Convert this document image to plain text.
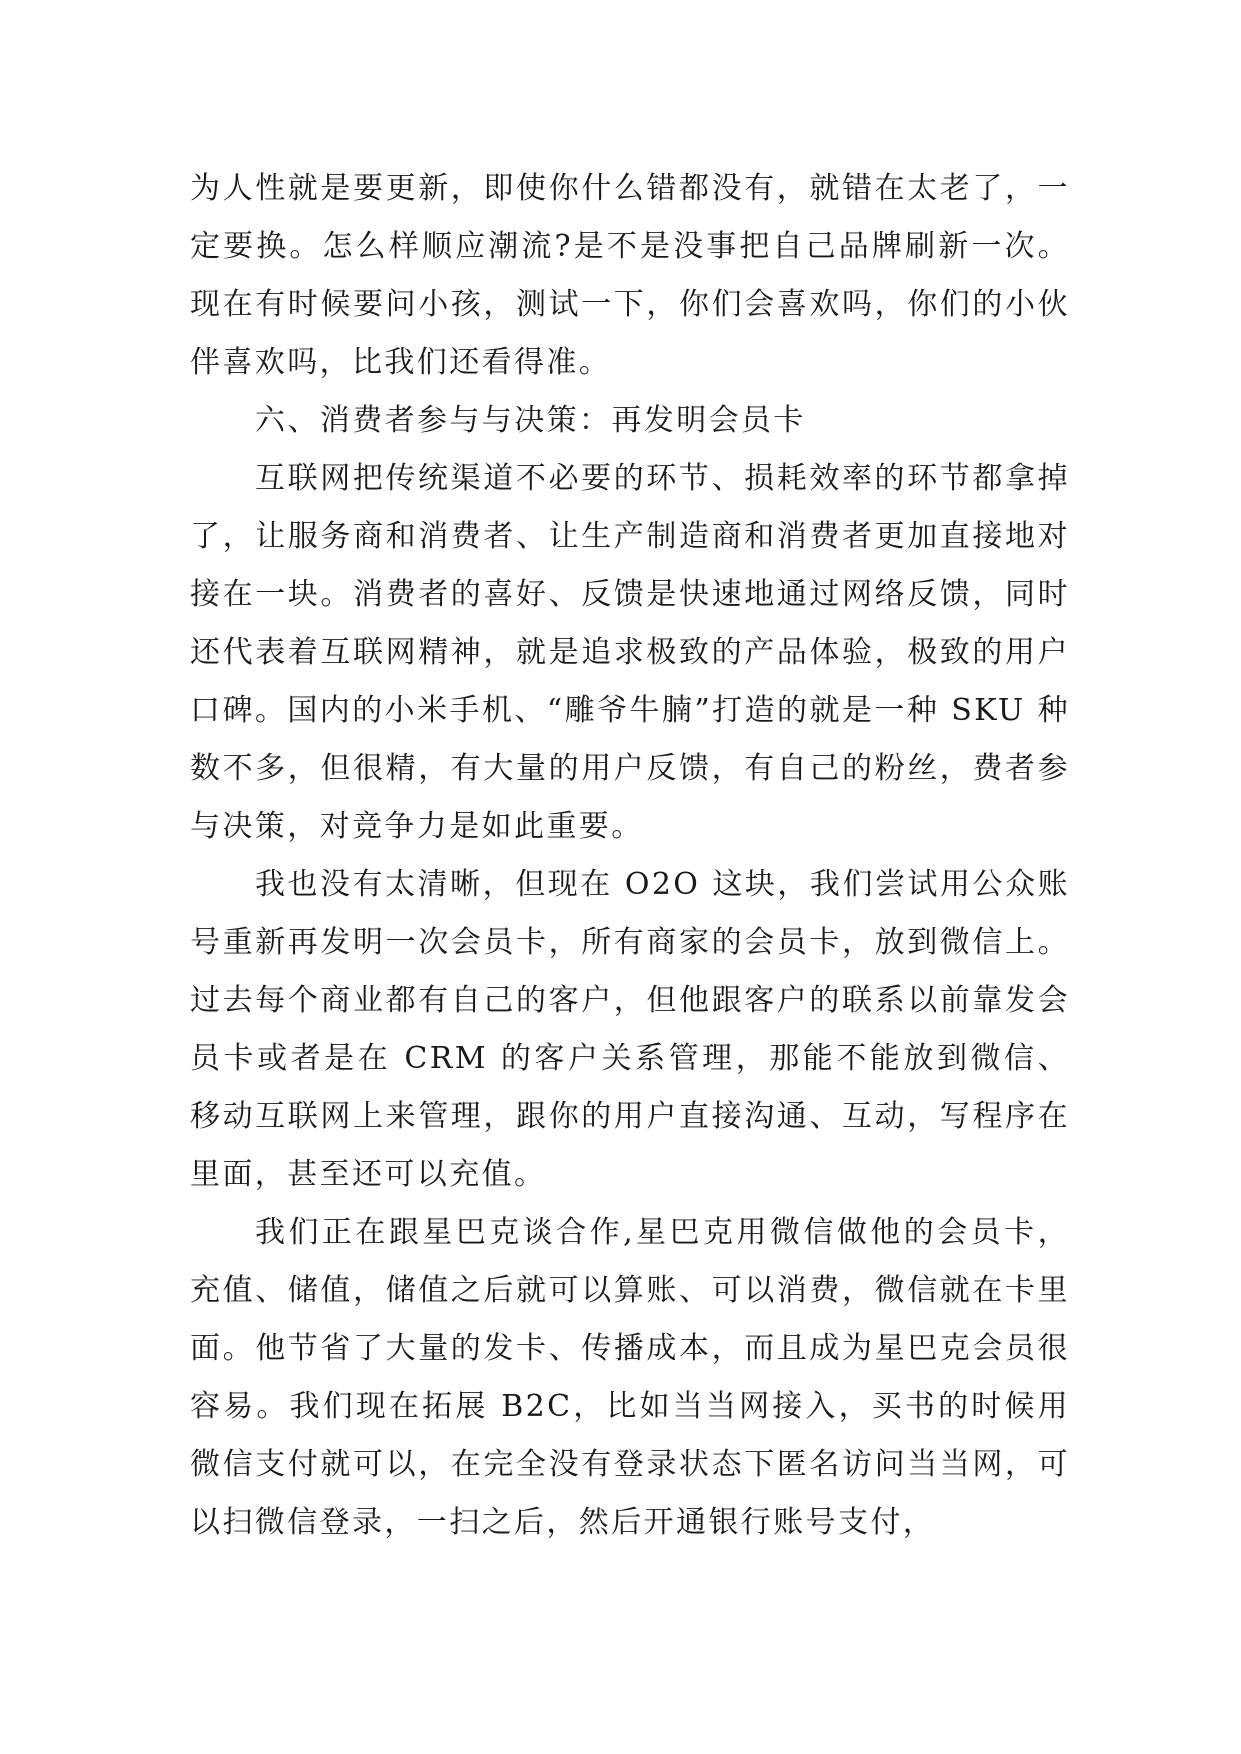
为人性就是要更新，即使你什么错都没有，就错在太老了，一定要换。怎么样顺应潮流?是不是没事把自己品牌刷新一次。现在有时候要问小孩，测试一下，你们会喜欢吗，你们的小伙伴喜欢吗，比我们还看得准。

六、消费者参与与决策：再发明会员卡

互联网把传统渠道不必要的环节、损耗效率的环节都拿掉了，让服务商和消费者、让生产制造商和消费者更加直接地对接在一块。消费者的喜好、反馈是快速地通过网络反馈，同时还代表着互联网精神，就是追求极致的产品体验，极致的用户口碑。国内的小米手机、“雕爷牛腩”打造的就是一种 SKU 种数不多，但很精，有大量的用户反馈，有自己的粉丝，费者参与决策，对竞争力是如此重要。

我也没有太清晰，但现在 O2O 这块，我们尝试用公众账号重新再发明一次会员卡，所有商家的会员卡，放到微信上。过去每个商业都有自己的客户，但他跟客户的联系以前靠发会员卡或者是在 CRM 的客户关系管理，那能不能放到微信、移动互联网上来管理，跟你的用户直接沟通、互动，写程序在里面，甚至还可以充值。

我们正在跟星巴克谈合作,星巴克用微信做他的会员卡，充值、储值，储值之后就可以算账、可以消费，微信就在卡里面。他节省了大量的发卡、传播成本，而且成为星巴克会员很容易。我们现在拓展 B2C，比如当当网接入，买书的时候用微信支付就可以，在完全没有登录状态下匿名访问当当网，可以扫微信登录，一扫之后，然后开通银行账号支付，
